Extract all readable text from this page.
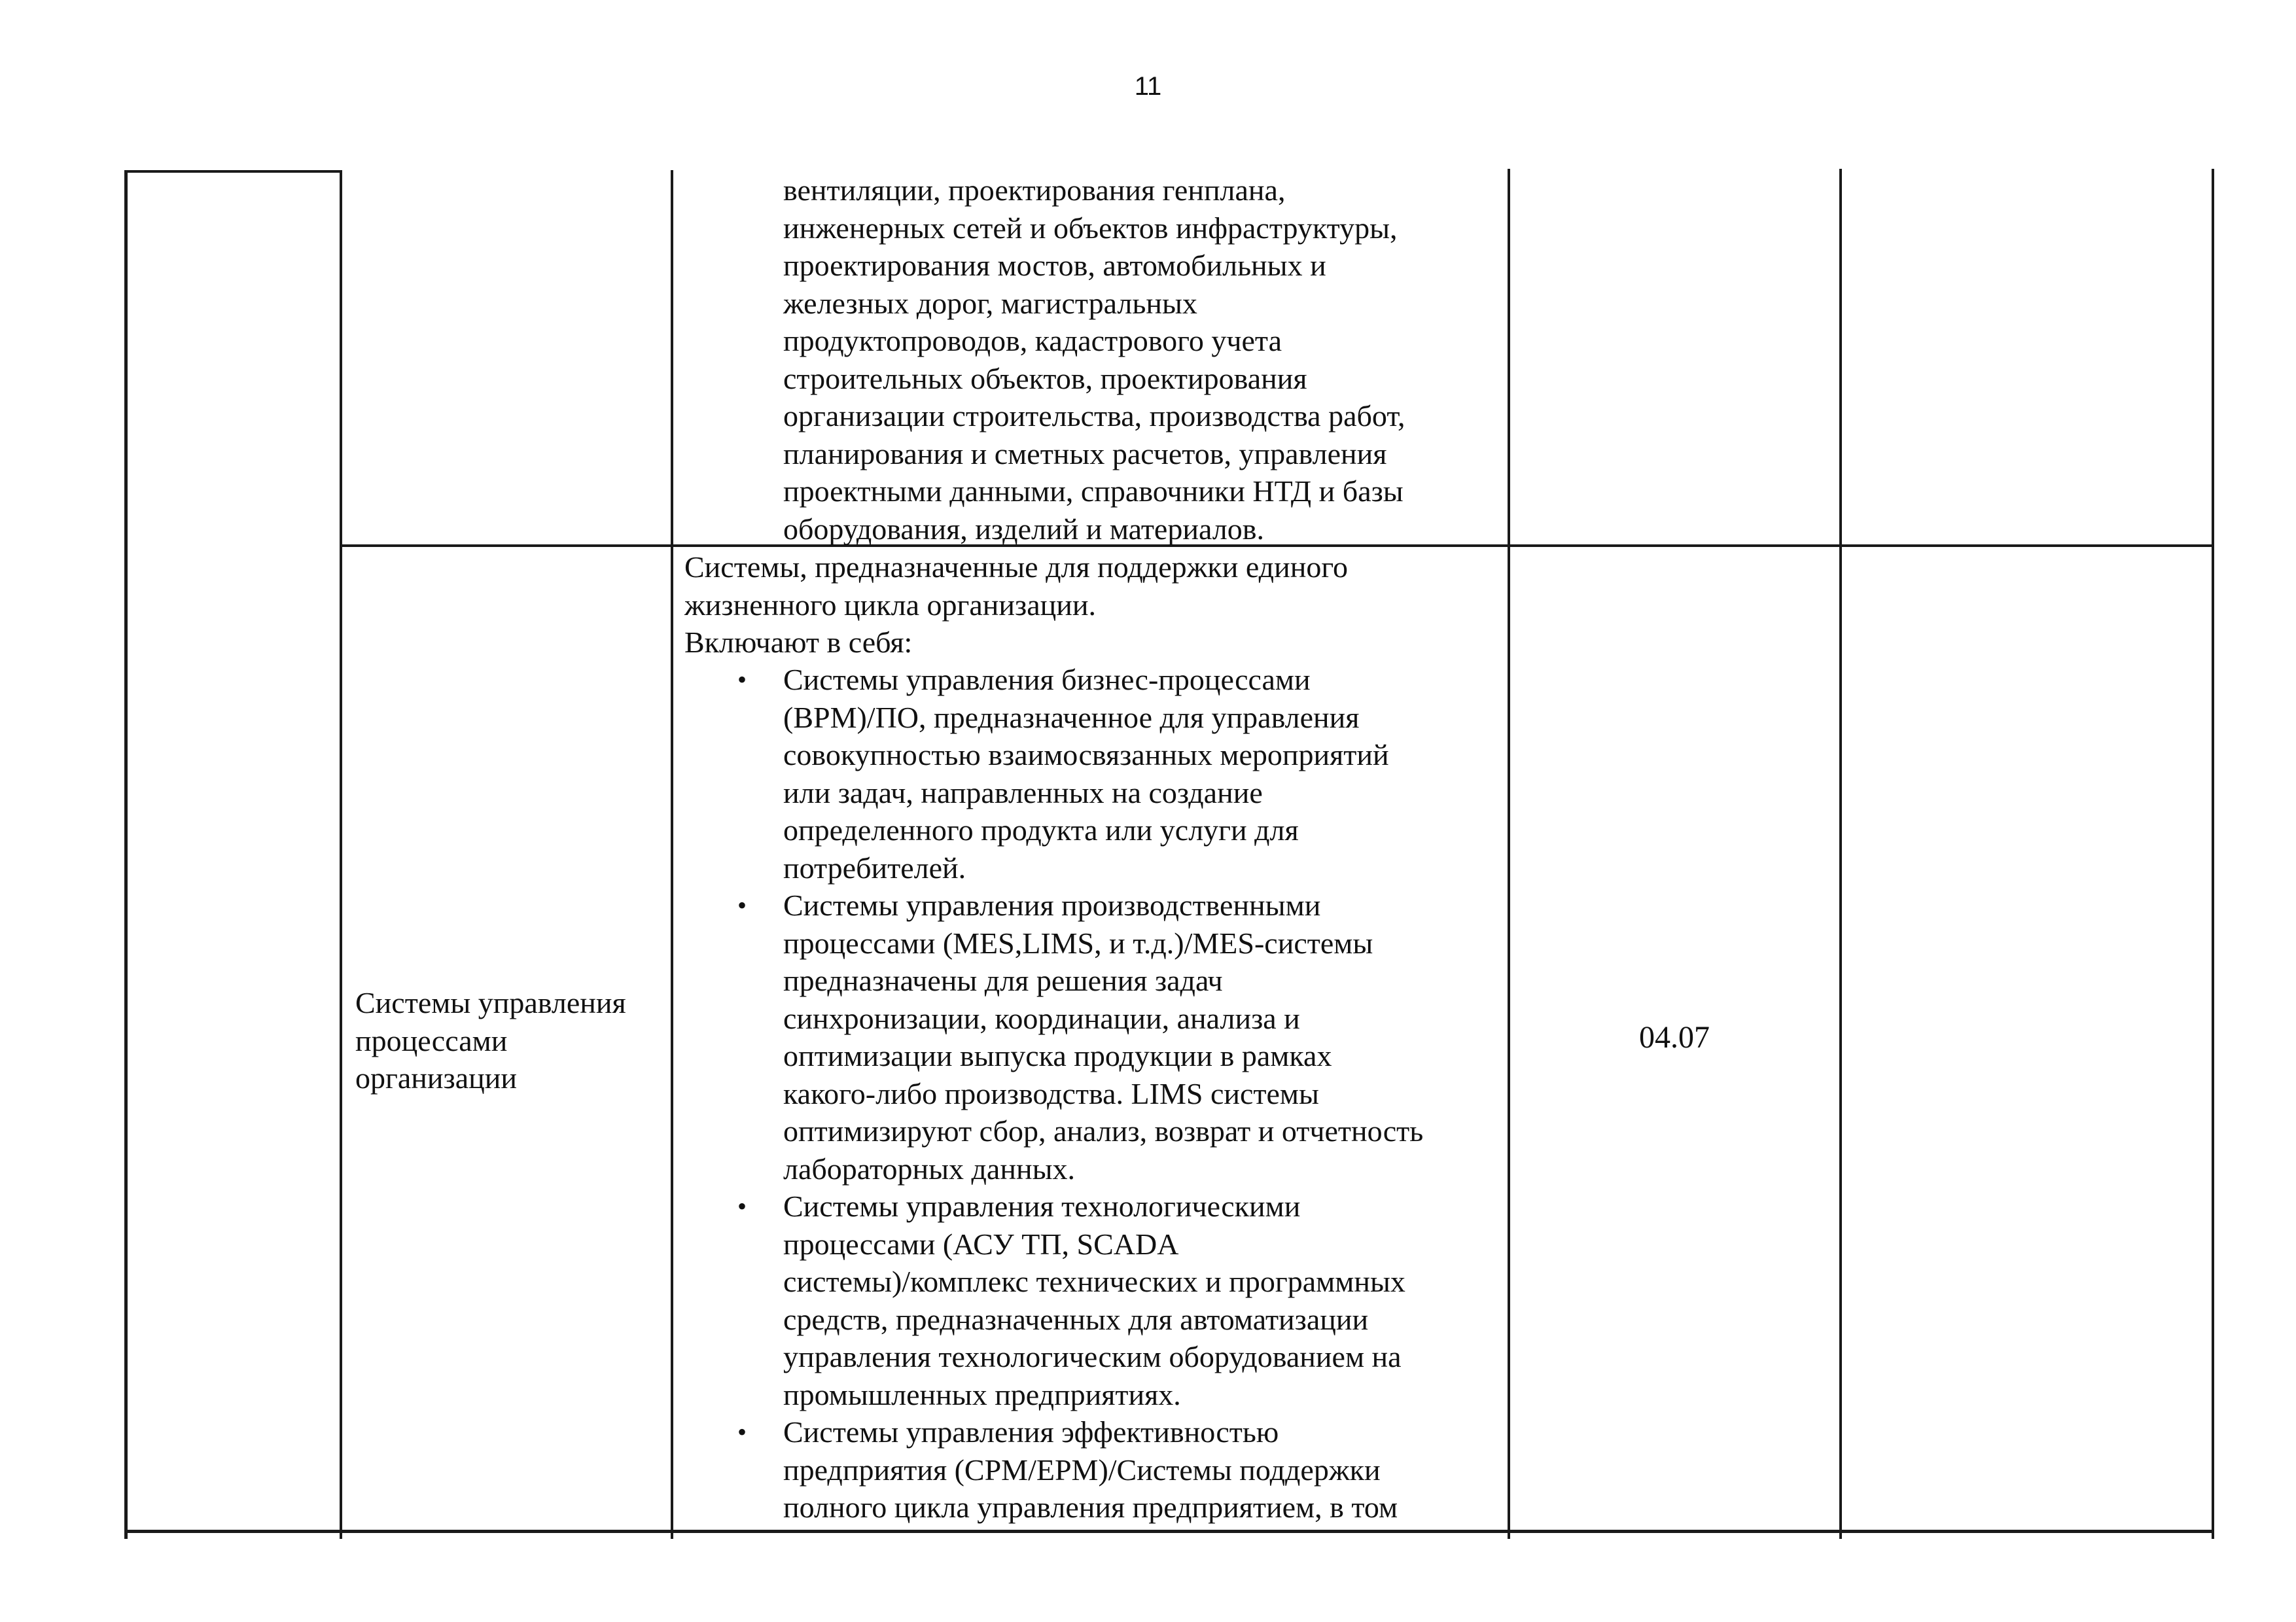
11
вентиляции, проектирования генплана,
инженерных сетей и объектов инфраструктуры,
проектирования мостов, автомобильных и
железных дорог, магистральных
продуктопроводов, кадастрового учета
строительных объектов, проектирования
организации строительства, производства работ,
планирования и сметных расчетов, управления
проектными данными, справочники НТД и базы
оборудования, изделий и материалов.
Системы управления
процессами
организации
Системы, предназначенные для поддержки единого
жизненного цикла организации.
Включают в себя:
• Системы управления бизнес-процессами
(BPM)/ПО, предназначенное для управления
совокупностью взаимосвязанных мероприятий
или задач, направленных на создание
определенного продукта или услуги для
потребителей.
• Системы управления производственными
процессами (MES,LIMS, и т.д.)/MES-системы
предназначены для решения задач
синхронизации, координации, анализа и
оптимизации выпуска продукции в рамках
какого-либо производства. LIMS системы
оптимизируют сбор, анализ, возврат и отчетность
лабораторных данных.
• Системы управления технологическими
процессами (АСУ ТП, SCADA
системы)/комплекс технических и программных
средств, предназначенных для автоматизации
управления технологическим оборудованием на
промышленных предприятиях.
• Системы управления эффективностью
предприятия (CPM/EPM)/Системы поддержки
полного цикла управления предприятием, в том
04.07
